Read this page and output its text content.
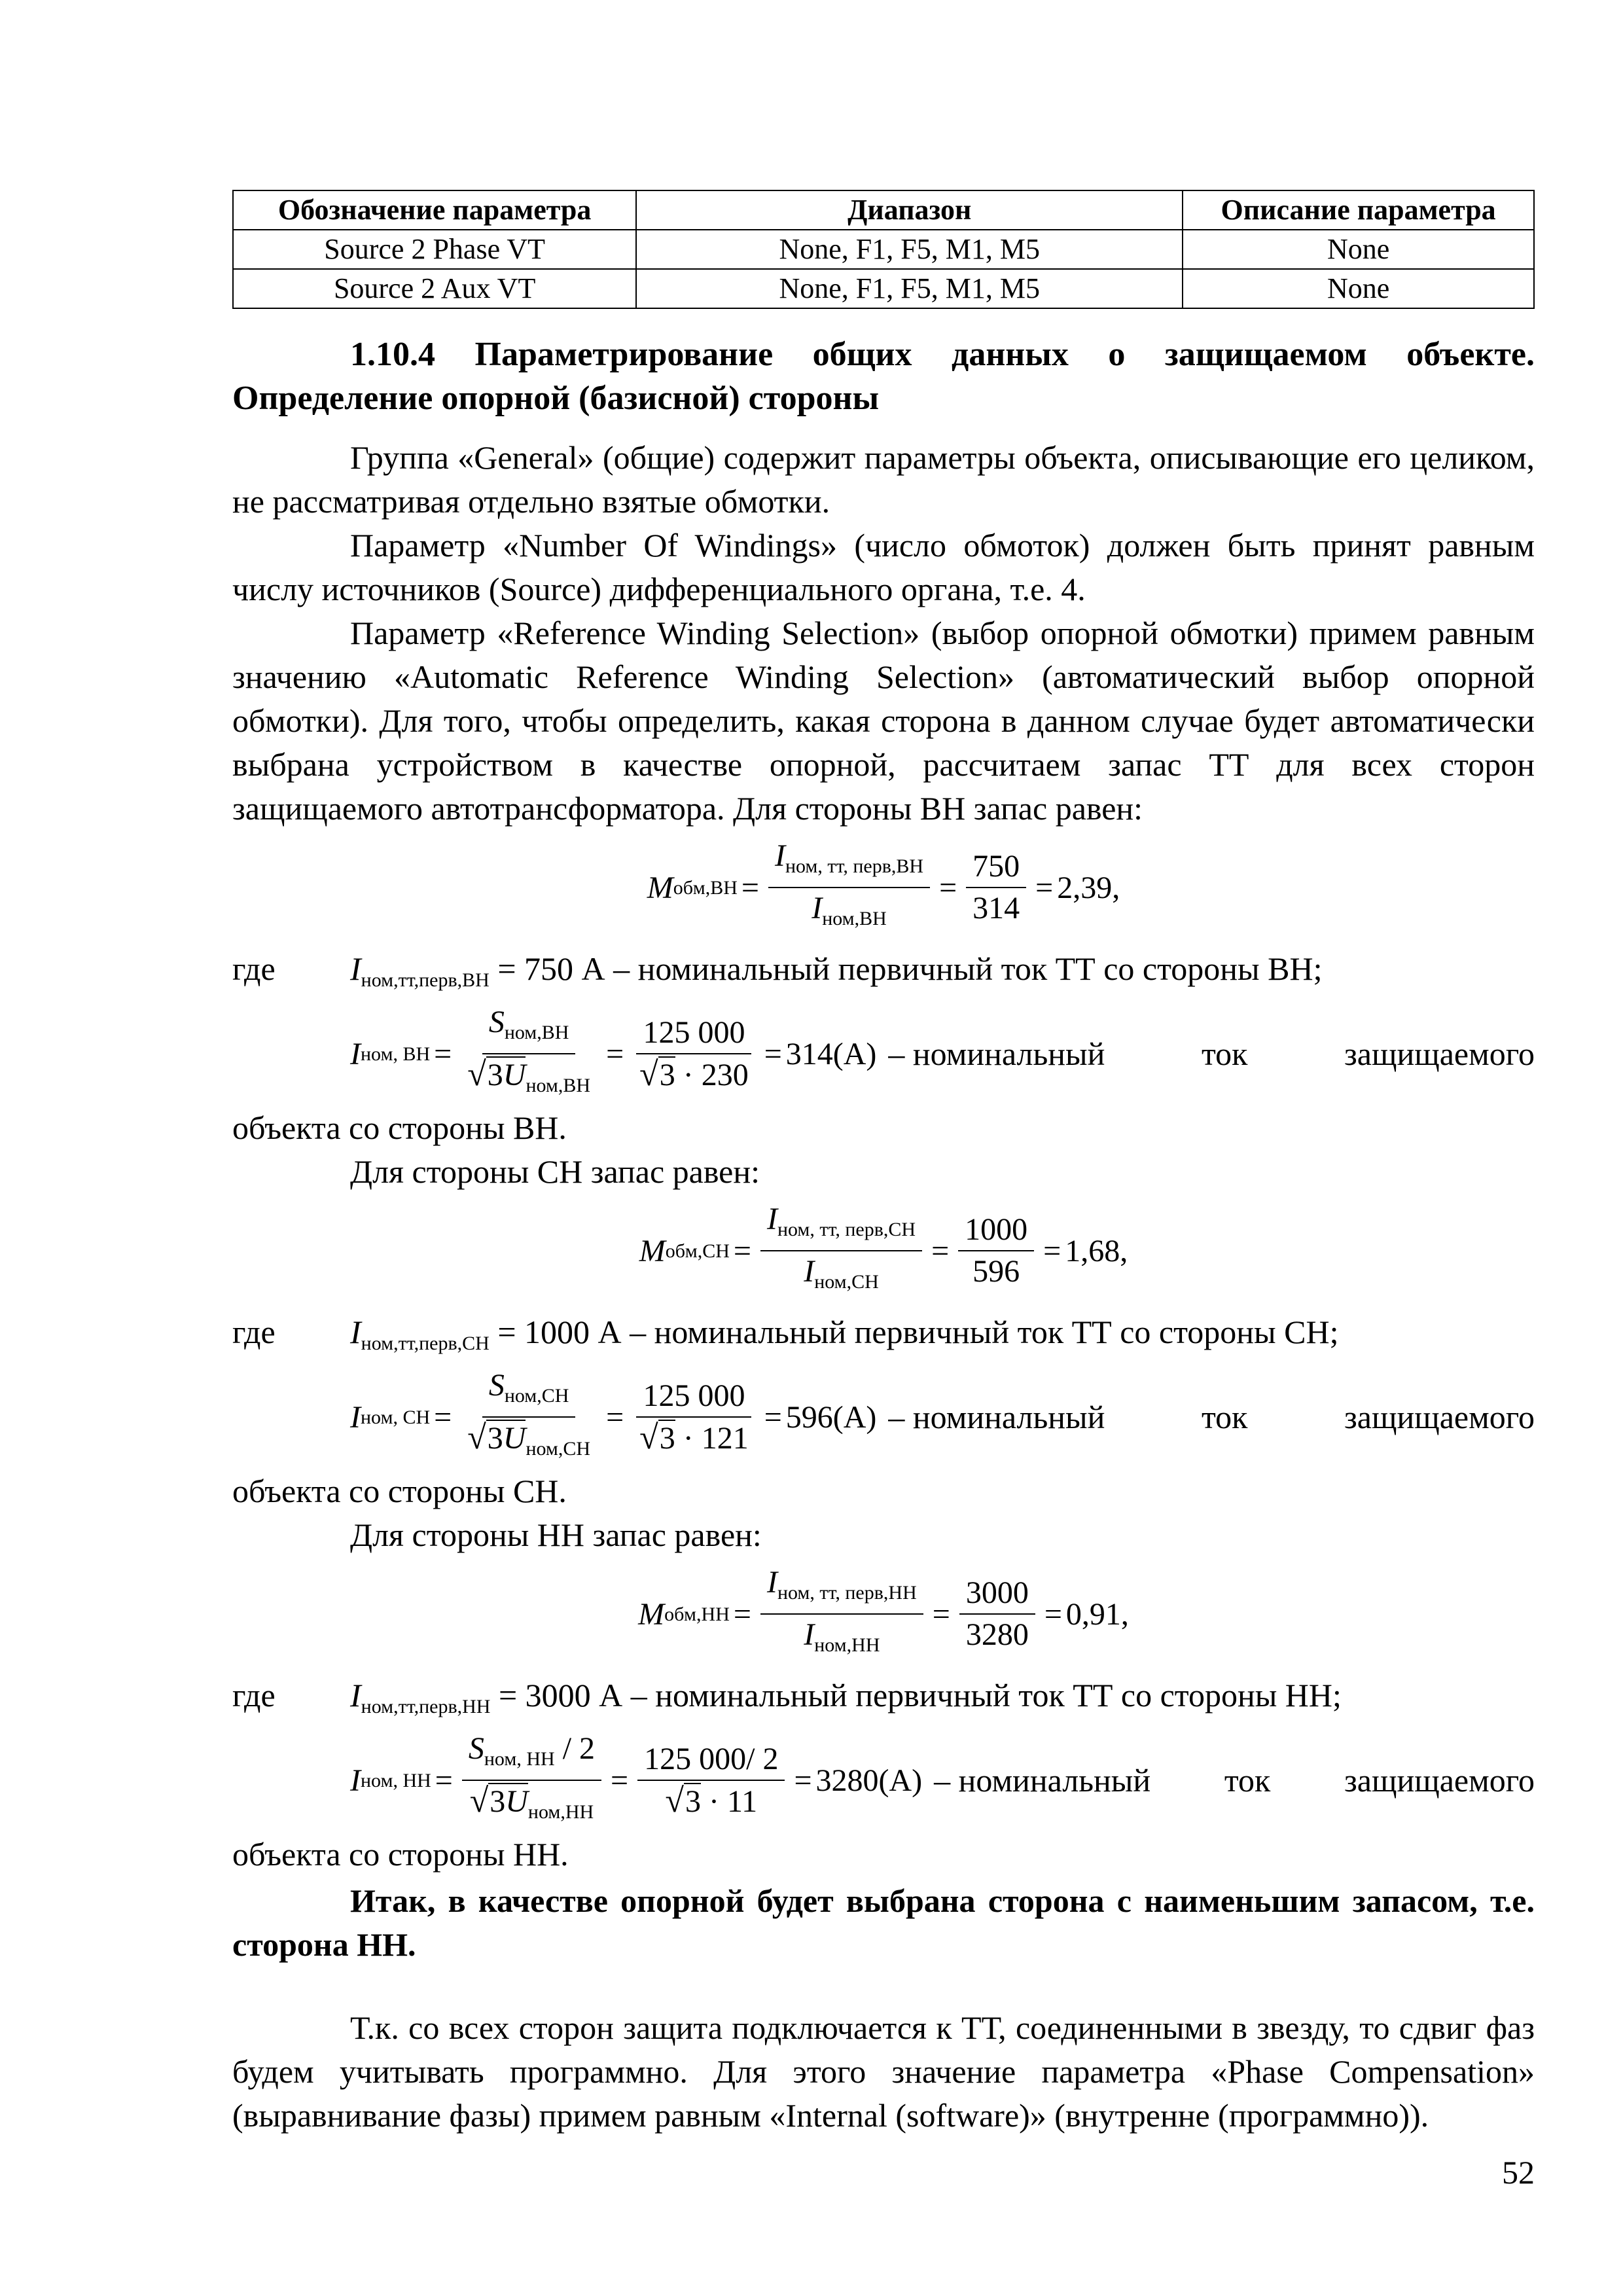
Обозначение параметра	Диапазон	Описание параметра
Source 2 Phase VT	None, F1, F5, M1, M5	None
Source 2 Aux VT	None, F1, F5, M1, M5	None
1.10.4 Параметрирование общих данных о защищаемом объекте. Определение опорной (базисной) стороны

Группа «General» (общие) содержит параметры объекта, описывающие его целиком, не рассматривая отдельно взятые обмотки.

Параметр «Number Of Windings» (число обмоток) должен быть принят равным числу источников (Source) дифференциального органа, т.е. 4.

Параметр «Reference Winding Selection» (выбор опорной обмотки) примем равным значению «Automatic Reference Winding Selection» (автоматический выбор опорной обмотки). Для того, чтобы определить, какая сторона в данном случае будет автоматически выбрана устройством в качестве опорной, рассчитаем запас ТТ для всех сторон защищаемого автотрансформатора. Для стороны ВН запас равен:

M $обм,ВН = \frac{I_{ном, тт, перв,ВН}}{I_{ном,ВН}} = \frac{750}{314} = 2,39$ ,
где	$I_{ном,тт,перв,ВН} = 750$ А – номинальный первичный ток ТТ со стороны ВН;
I ном, ВН = $\frac{S_{ном,ВН}}{√3U_{ном,ВН}} = \frac{125 000}{√3 \cdot 230} = 314$ (А) – номинальный	ток	защищаемого

объекта со стороны ВН.

Для стороны СН запас равен:

M $обм,СН = \frac{I_{ном, тт, перв,СН}}{I_{ном,СН}} = \frac{1000}{596} = 1,68$ ,
где	$I_{ном,тт,перв,СН} = 1000$ А – номинальный первичный ток ТТ со стороны СН;
I ном, СН = $\frac{S_{ном,СН}}{√3U_{ном,СН}} = \frac{125 000}{√3 \cdot 121} = 596$ (А) – номинальный	ток	защищаемого

объекта со стороны СН.

Для стороны НН запас равен:

M $обм,НН = \frac{I_{ном, тт, перв,НН}}{I_{ном,НН}} = \frac{3000}{3280} = 0,91$ ,
где	$I_{ном,тт,перв,НН} = 3000$ А – номинальный первичный ток ТТ со стороны НН;
I ном, НН = $\frac{S_{ном, НН} / 2}{√3U_{ном,НН}} = \frac{125 000/ 2}{√3 \cdot 11} = 3280$ (А) – номинальный ток защищаемого

объекта со стороны НН.

Итак, в качестве опорной будет выбрана сторона с наименьшим запасом, т.е. сторона НН.

Т.к. со всех сторон защита подключается к ТТ, соединенными в звезду, то сдвиг фаз будем учитывать программно. Для этого значение параметра «Phase Compensation» (выравнивание фазы) примем равным «Internal (software)» (внутренне (программно)).

52
